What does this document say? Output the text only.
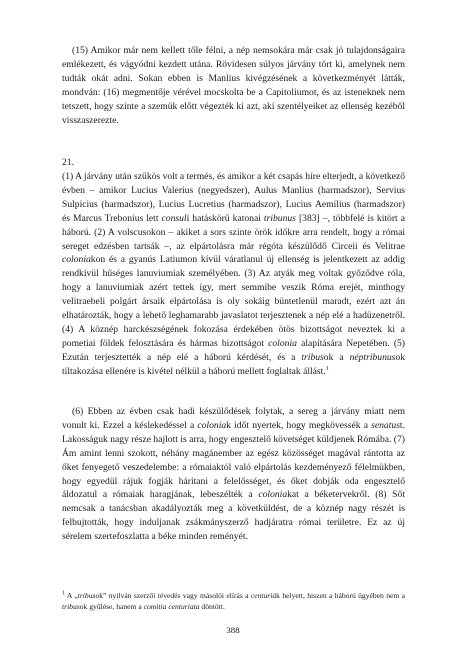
(15) Amikor már nem kellett tőle félni, a nép nemsokára már csak jó tulajdonságaira emlékezett, és vágyódni kezdett utána. Rövidesen súlyos járvány tört ki, amelynek nem tudták okát adni. Sokan ebben is Manlius kivégzésének a következményét látták, mondván: (16) megmentője vérével mocskolta be a Capitoliumot, és az isteneknek nem tetszett, hogy szinte a szemük előtt végezték ki azt, aki szentélyeiket az ellenség kezéből visszaszerezte.

21.

(1) A járvány után szűkös volt a termés, és amikor a két csapás híre elterjedt, a következő évben – amikor Lucius Valerius (negyedszer), Aulus Manlius (harmadszor), Servius Sulpicius (harmadszor), Lucius Lucretius (harmadszor), Lucius Aemilius (harmadszor) és Marcus Trebonius lett consuli hatáskörű katonai tribunus [383] –, többfelé is kitört a háború. (2) A volscusokon – akiket a sors szinte örök időkre arra rendelt, hogy a római sereget edzésben tartsák –, az elpártolásra már régóta készülődő Circeii és Velitrae coloniakon és a gyanús Latiumon kívül váratlanul új ellenség is jelentkezett az addig rendkívül hűséges lanuviumiak személyében. (3) Az atyák meg voltak győződve róla, hogy a lanuviumiak azért tettek így, mert semmibe veszik Róma erejét, minthogy velitraebeli polgárt ársaik elpártolása is oly sokáig büntetlenül maradt, ezért azt án elhatározták, hogy a lehető leghamarabb javaslatot terjesztenek a nép elé a hadüzenetről. (4) A köznép harckészségének fokozása érdekében ötös bizottságot neveztek ki a pometiai földek felosztására és hármas bizottságot colonia alapítására Nepetében. (5) Ezután terjesztették a nép elé a háború kérdését, és a tribusok a néptribunusok tiltakozása ellenére is kivétel nélkül a háború mellett foglaltak állást.$^1$

(6) Ebben az évben csak hadi készülődések folytak, a sereg a járvány miatt nem vonult ki. Ezzel a késlekedéssel a coloniak időt nyertek, hogy megkövessék a senatust. Lakosságuk nagy része hajlott is arra, hogy engesztelő követséget küldjenek Rómába. (7) Ám amint lenni szokott, néhány magánember az egész közösséget magával rántotta az őket fenyegető veszedelembe: a rómaiaktól való elpártolás kezdeményező félelmükben, hogy egyedül rájuk fogják hárítani a felelősséget, és őket dobják oda engesztelő áldozatul a rómaiak haragjának, lebeszélték a coloniakat a béketervekről. (8) Sőt nemcsak a tanácsban akadályozták meg a követküldést, de a köznép nagy részét is felbujtották, hogy induljanak zsákmányszerző hadjáratra római területre. Ez az új sérelem szertefoszlatta a béke minden reményét.

$^1$ A „tribusok” nyilván szerzői tévedés vagy másolói elírás a centuriák helyett, hiszen a háború ügyében nem a tribusok gyűlése, hanem a comitia centuriata döntött.

388
